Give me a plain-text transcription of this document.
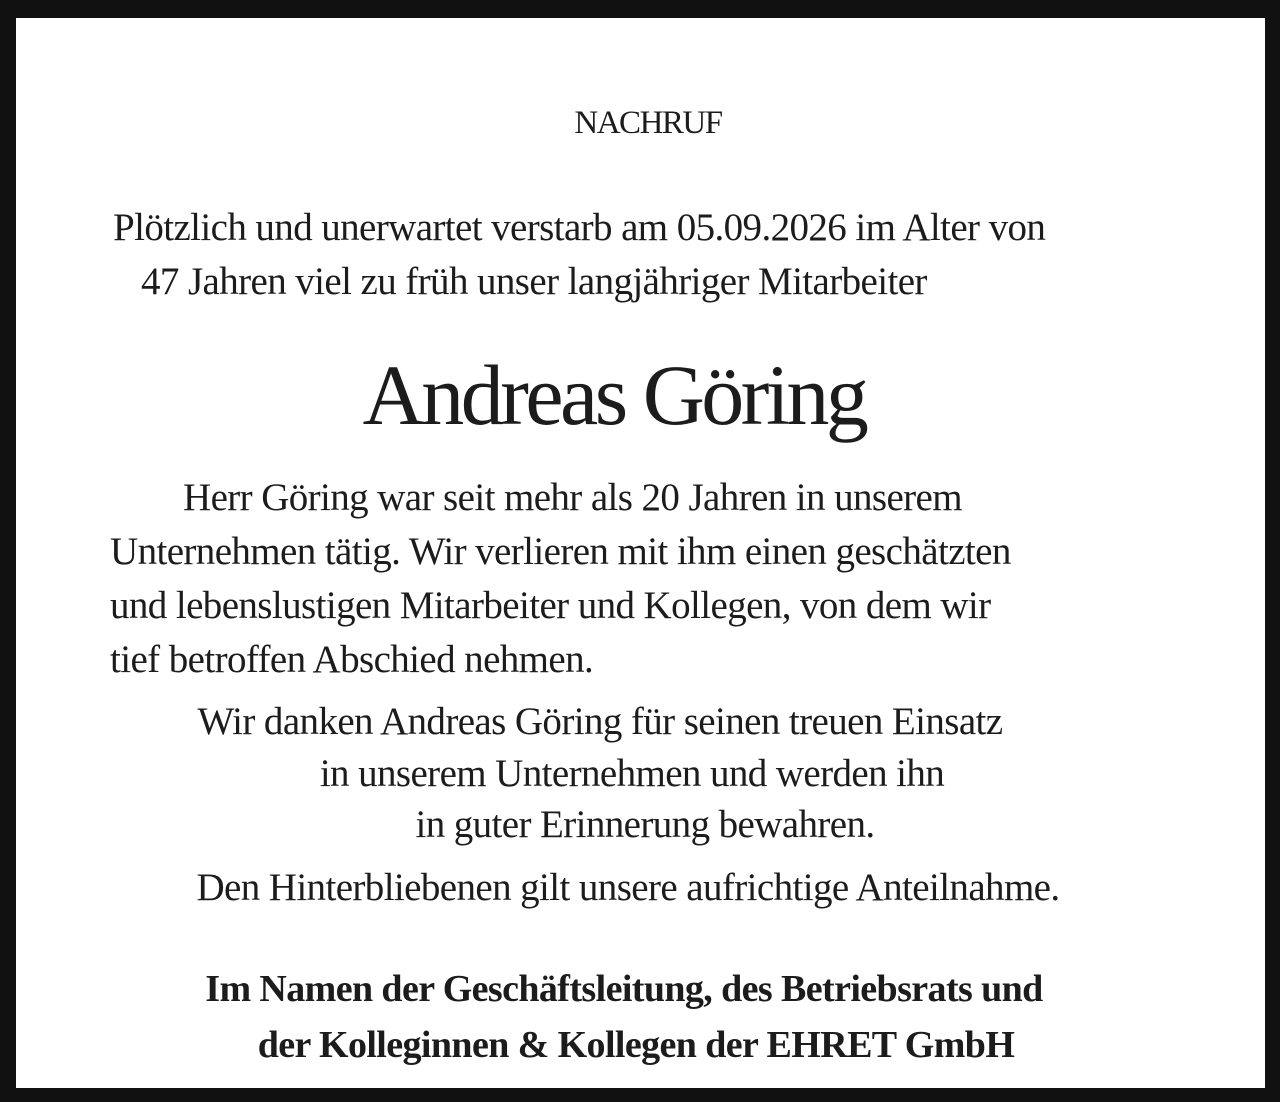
NACHRUF

Plötzlich und unerwartet verstarb am 05.09.2026 im Alter von

47 Jahren viel zu früh unser langjähriger Mitarbeiter

Andreas Göring

Herr Göring war seit mehr als 20 Jahren in unserem

Unternehmen tätig. Wir verlieren mit ihm einen geschätzten

und lebenslustigen Mitarbeiter und Kollegen, von dem wir

tief betroffen Abschied nehmen.

Wir danken Andreas Göring für seinen treuen Einsatz

in unserem Unternehmen und werden ihn

in guter Erinnerung bewahren.

Den Hinterbliebenen gilt unsere aufrichtige Anteilnahme.

Im Namen der Geschäftsleitung, des Betriebsrats und

der Kolleginnen & Kollegen der EHRET GmbH
